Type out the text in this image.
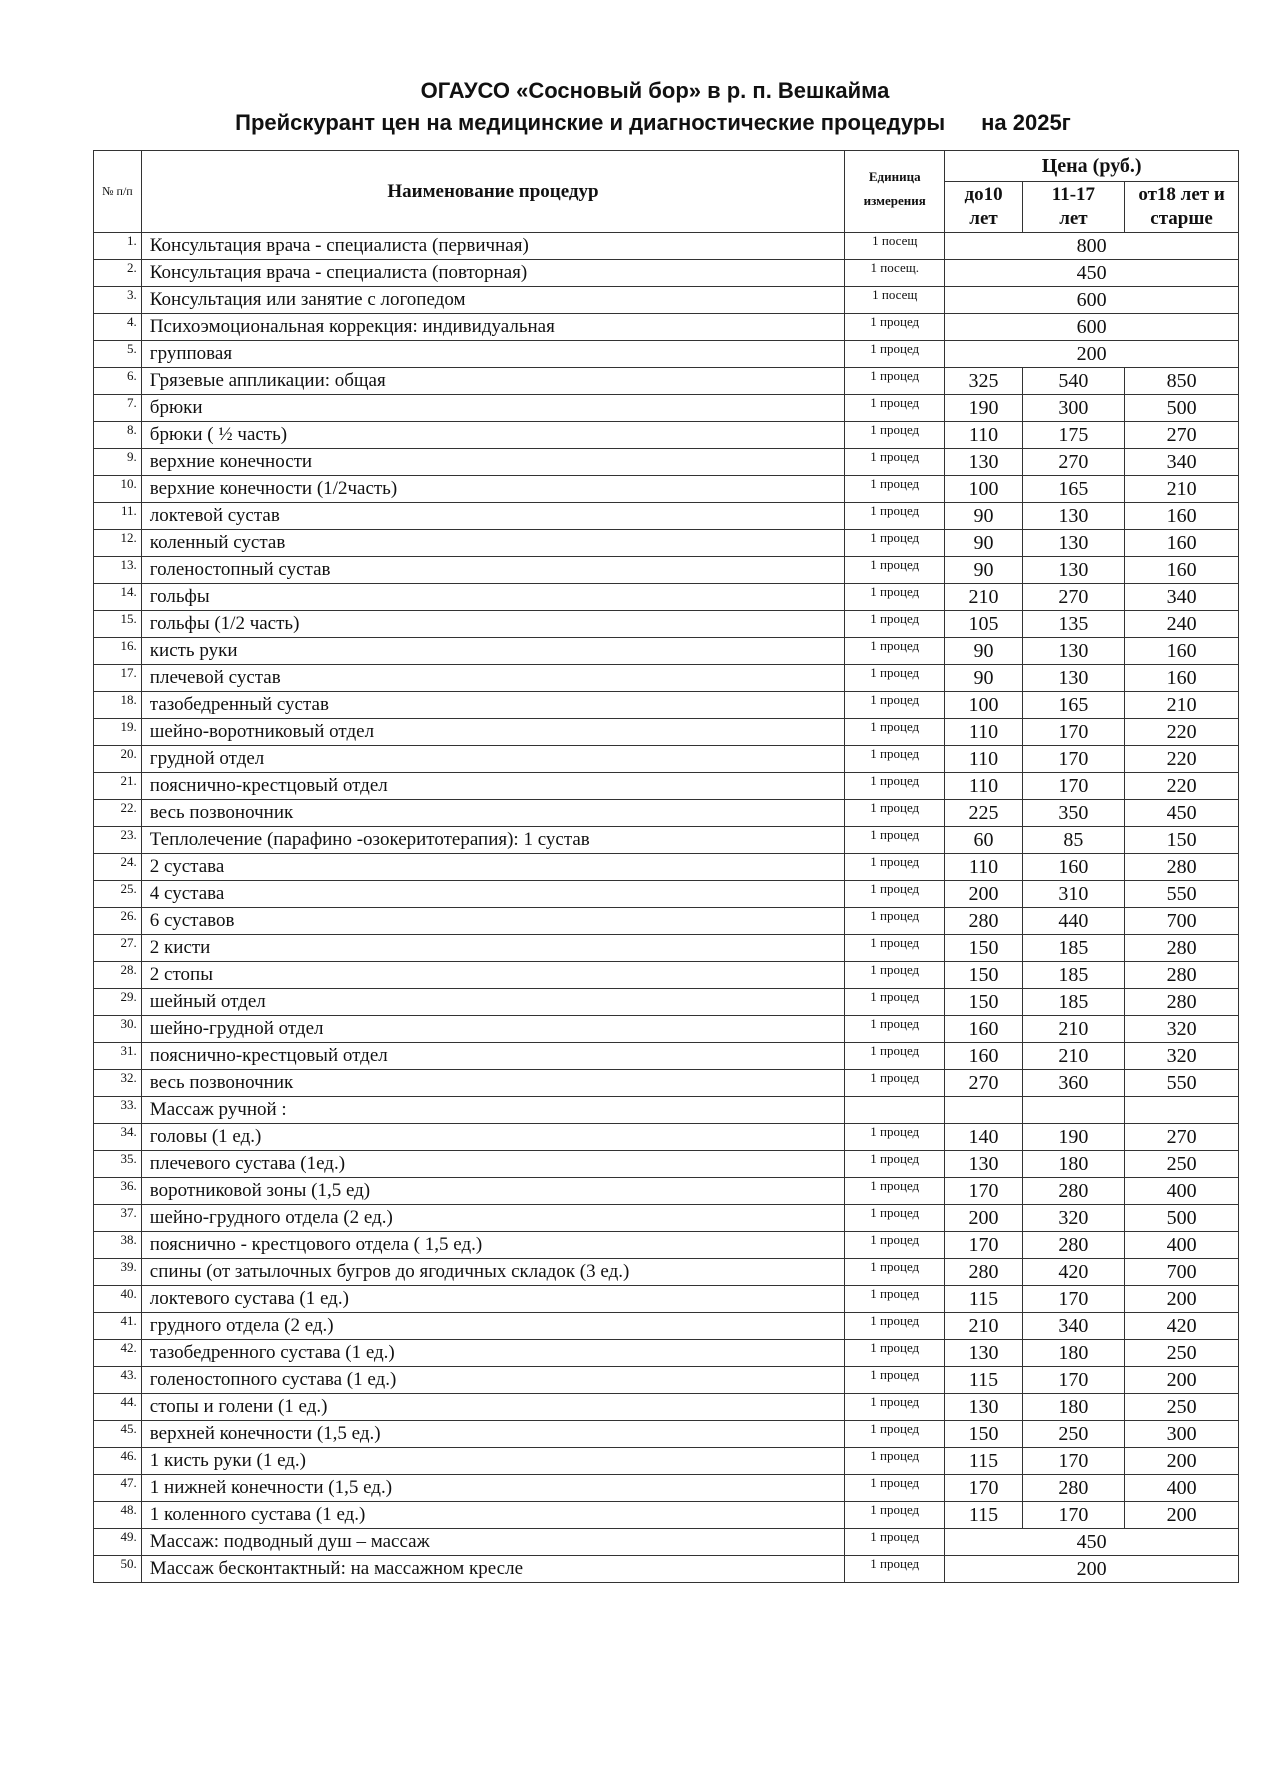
ОГАУСО «Сосновый бор» в р. п. Вешкайма
Прейскурант цен на медицинские и диагностические процедуры на 2025г
№ п/п	Наименование процедур	Единица
измерения	Цена (руб.)		

			до10 лет	11-17 лет	от18 лет и старше

1.	Консультация врача - специалиста (первичная)	1 посещ	800		
2.	Консультация врача - специалиста (повторная)	1 посещ.	450		
3.	Консультация или занятие с логопедом	1 посещ	600		
4.	Психоэмоциональная коррекция: индивидуальная	1 процед	600		
5.	групповая	1 процед	200		
6.	Грязевые аппликации: общая	1 процед	325	540	850
7.	брюки	1 процед	190	300	500
8.	брюки ( ½ часть)	1 процед	110	175	270
9.	верхние конечности	1 процед	130	270	340
10.	верхние конечности (1/2часть)	1 процед	100	165	210
11.	локтевой сустав	1 процед	90	130	160
12.	коленный сустав	1 процед	90	130	160
13.	голеностопный сустав	1 процед	90	130	160
14.	гольфы	1 процед	210	270	340
15.	гольфы (1/2 часть)	1 процед	105	135	240
16.	кисть руки	1 процед	90	130	160
17.	плечевой сустав	1 процед	90	130	160
18.	тазобедренный сустав	1 процед	100	165	210
19.	шейно-воротниковый отдел	1 процед	110	170	220
20.	грудной отдел	1 процед	110	170	220
21.	пояснично-крестцовый отдел	1 процед	110	170	220
22.	весь позвоночник	1 процед	225	350	450
23.	Теплолечение (парафино -озокеритотерапия): 1 сустав	1 процед	60	85	150
24.	2 сустава	1 процед	110	160	280
25.	4 сустава	1 процед	200	310	550
26.	6 суставов	1 процед	280	440	700
27.	2 кисти	1 процед	150	185	280
28.	2 стопы	1 процед	150	185	280
29.	шейный отдел	1 процед	150	185	280
30.	шейно-грудной отдел	1 процед	160	210	320
31.	пояснично-крестцовый отдел	1 процед	160	210	320
32.	весь позвоночник	1 процед	270	360	550
33.	Массаж ручной :				
34.	головы (1 ед.)	1 процед	140	190	270
35.	плечевого сустава (1ед.)	1 процед	130	180	250
36.	воротниковой зоны (1,5 ед)	1 процед	170	280	400
37.	шейно-грудного отдела (2 ед.)	1 процед	200	320	500
38.	пояснично - крестцового отдела ( 1,5 ед.)	1 процед	170	280	400
39.	спины (от затылочных бугров до ягодичных складок (3 ед.)	1 процед	280	420	700
40.	локтевого сустава (1 ед.)	1 процед	115	170	200
41.	грудного отдела (2 ед.)	1 процед	210	340	420
42.	тазобедренного сустава (1 ед.)	1 процед	130	180	250
43.	голеностопного сустава (1 ед.)	1 процед	115	170	200
44.	стопы и голени (1 ед.)	1 процед	130	180	250
45.	верхней конечности (1,5 ед.)	1 процед	150	250	300
46.	1 кисть руки (1 ед.)	1 процед	115	170	200
47.	1 нижней конечности (1,5 ед.)	1 процед	170	280	400
48.	1 коленного сустава (1 ед.)	1 процед	115	170	200
49.	Массаж: подводный душ – массаж	1 процед	450		
50.	Массаж бесконтактный: на массажном кресле	1 процед	200		
